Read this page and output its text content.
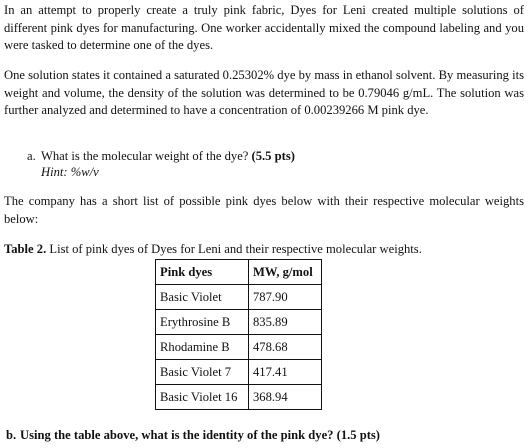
In an attempt to properly create a truly pink fabric, Dyes for Leni created multiple solutions of different pink dyes for manufacturing. One worker accidentally mixed the compound labeling and you were tasked to determine one of the dyes.
One solution states it contained a saturated 0.25302% dye by mass in ethanol solvent. By measuring its weight and volume, the density of the solution was determined to be 0.79046 g/mL. The solution was further analyzed and determined to have a concentration of 0.00239266 M pink dye.
a. What is the molecular weight of the dye? (5.5 pts)
Hint: %w/v
The company has a short list of possible pink dyes below with their respective molecular weights below:
Table 2. List of pink dyes of Dyes for Leni and their respective molecular weights.
Pink dyes	MW, g/mol
Basic Violet	787.90
Erythrosine B	835.89
Rhodamine B	478.68
Basic Violet 7	417.41
Basic Violet 16	368.94
b. Using the table above, what is the identity of the pink dye? (1.5 pts)
